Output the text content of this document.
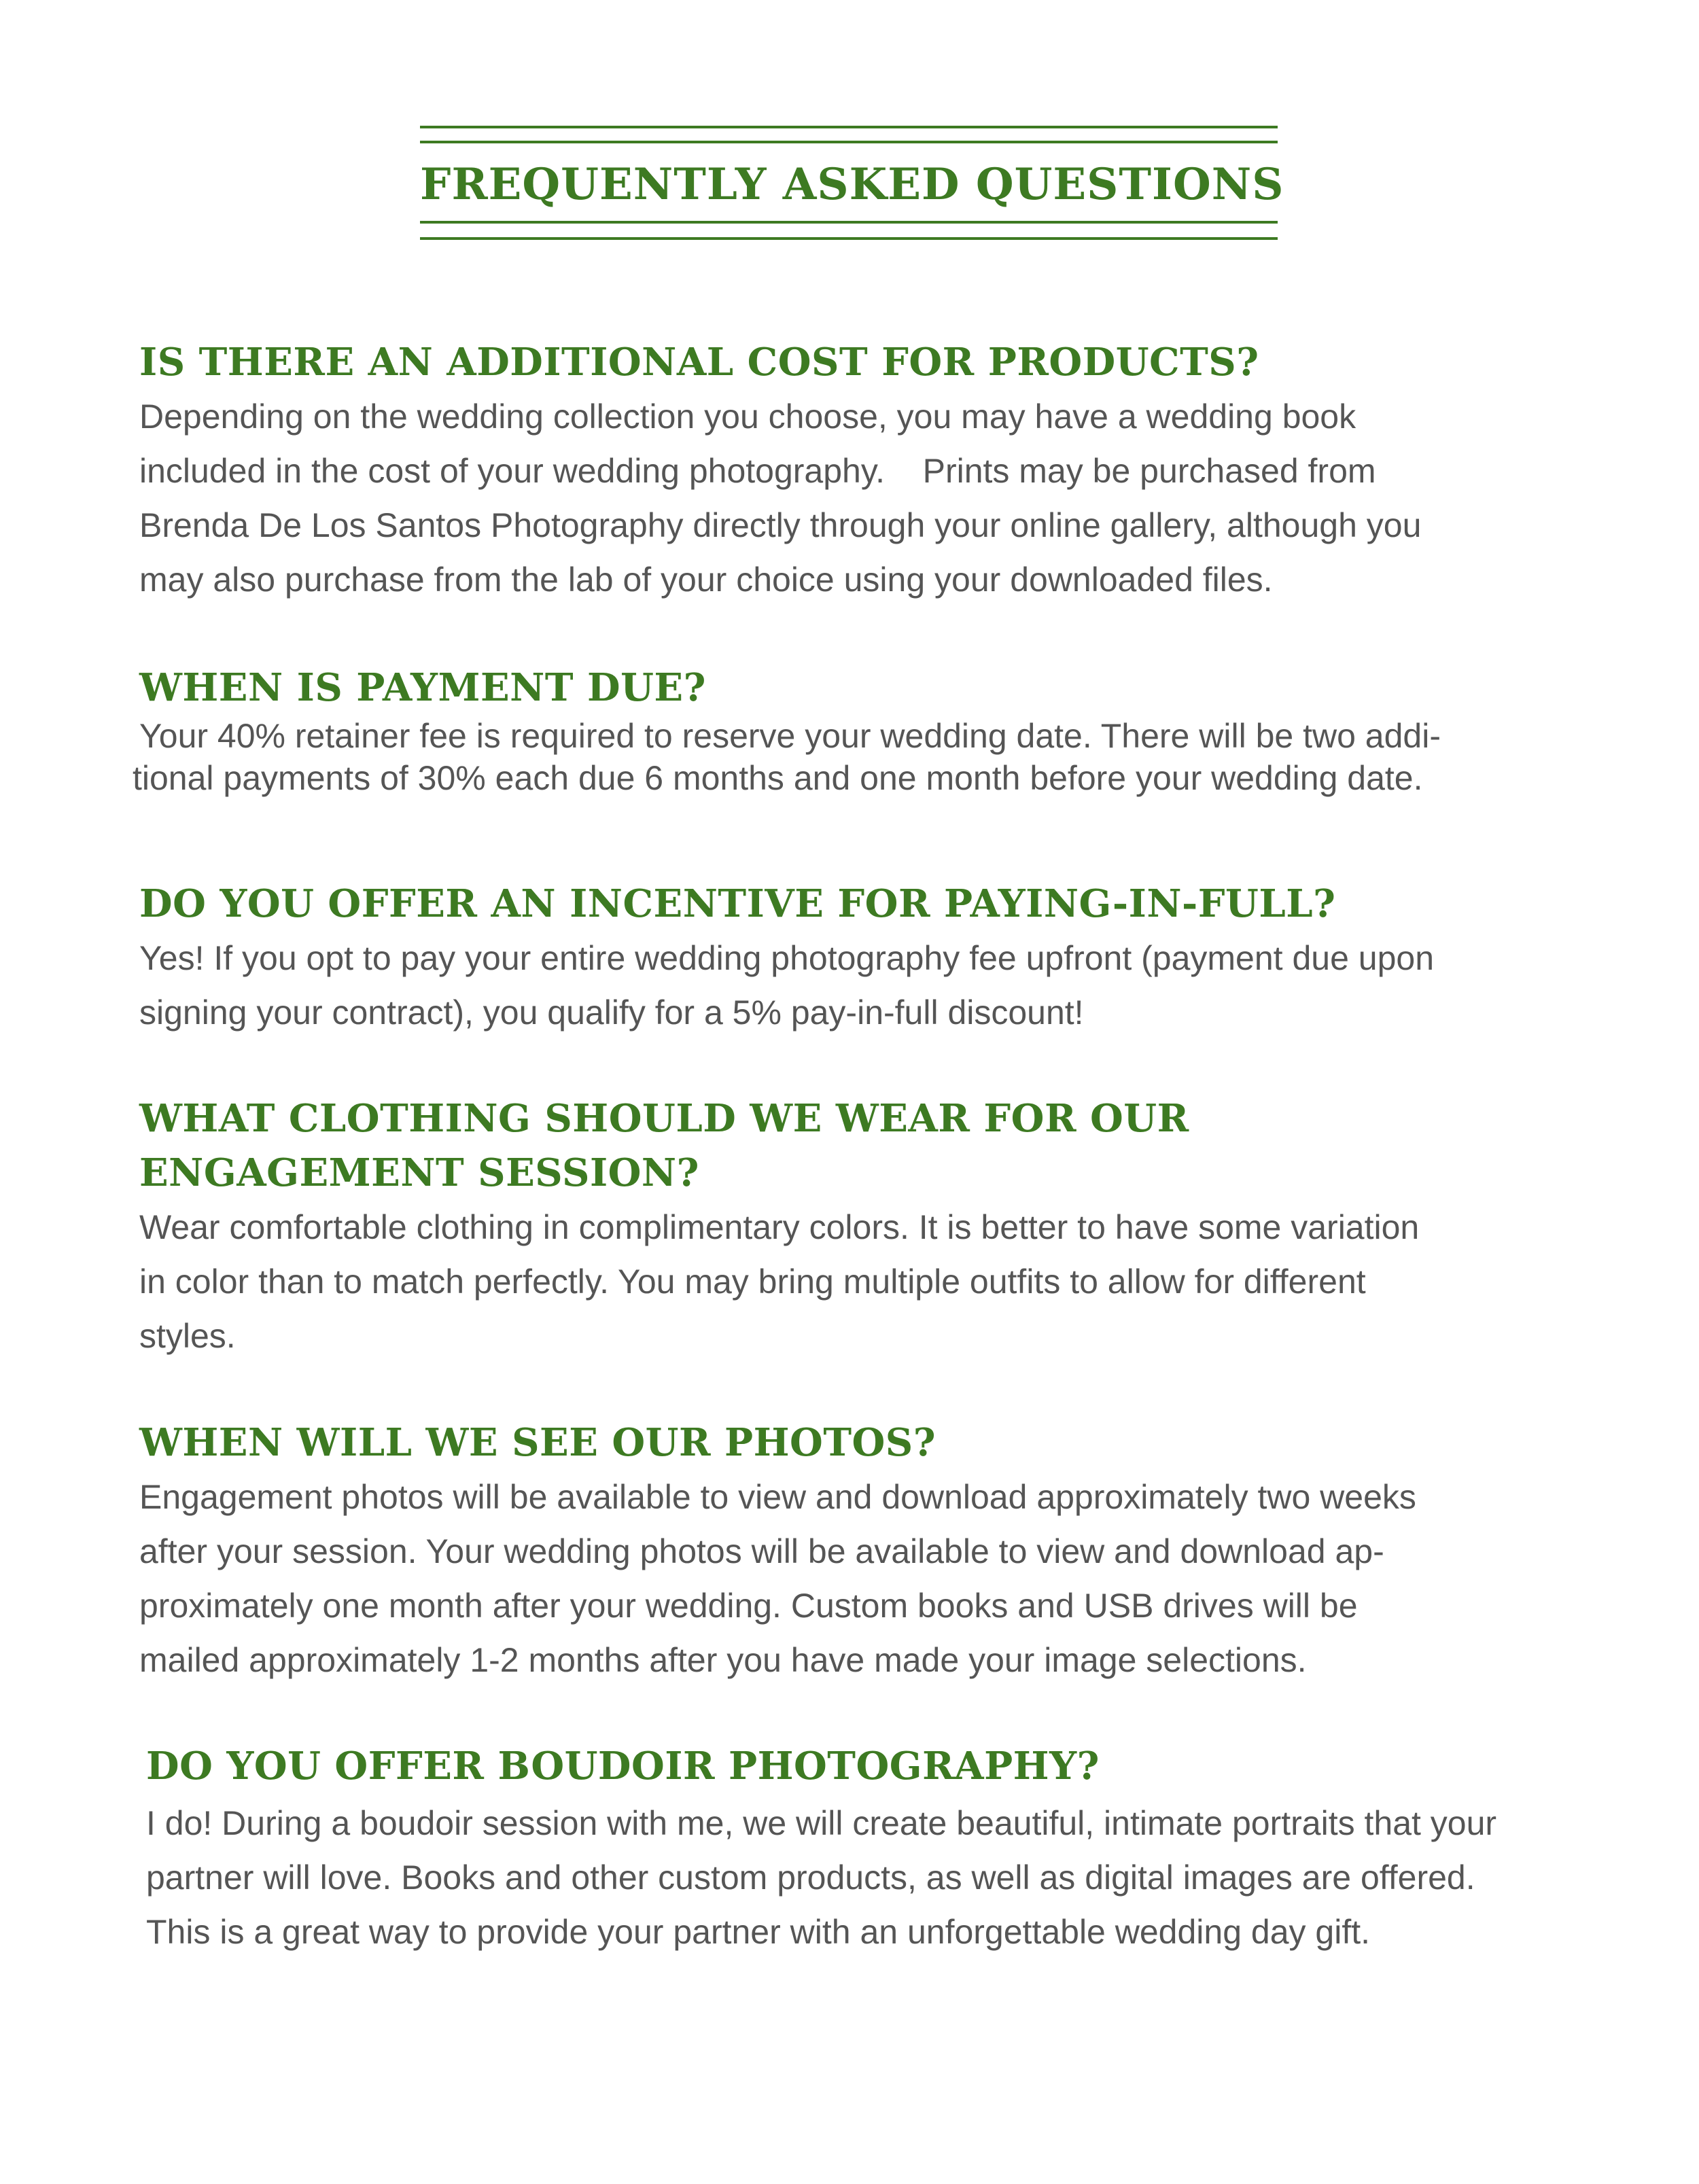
FREQUENTLY ASKED QUESTIONS
IS THERE AN ADDITIONAL COST FOR PRODUCTS?

Depending on the wedding collection you choose, you may have a wedding book
included in the cost of your wedding photography.    Prints may be purchased from
Brenda De Los Santos Photography directly through your online gallery, although you
may also purchase from the lab of your choice using your downloaded files.

WHEN IS PAYMENT DUE?

Your 40% retainer fee is required to reserve your wedding date. There will be two addi-
tional payments of 30% each due 6 months and one month before your wedding date.

DO YOU OFFER AN INCENTIVE FOR PAYING-IN-FULL?

Yes! If you opt to pay your entire wedding photography fee upfront (payment due upon
signing your contract), you qualify for a 5% pay-in-full discount!

WHAT CLOTHING SHOULD WE WEAR FOR OUR
ENGAGEMENT SESSION?

Wear comfortable clothing in complimentary colors. It is better to have some variation
in color than to match perfectly. You may bring multiple outfits to allow for different
styles.

WHEN WILL WE SEE OUR PHOTOS?

Engagement photos will be available to view and download approximately two weeks
after your session. Your wedding photos will be available to view and download ap-
proximately one month after your wedding. Custom books and USB drives will be
mailed approximately 1-2 months after you have made your image selections.

DO YOU OFFER BOUDOIR PHOTOGRAPHY?

I do! During a boudoir session with me, we will create beautiful, intimate portraits that your
partner will love. Books and other custom products, as well as digital images are offered.
This is a great way to provide your partner with an unforgettable wedding day gift.
